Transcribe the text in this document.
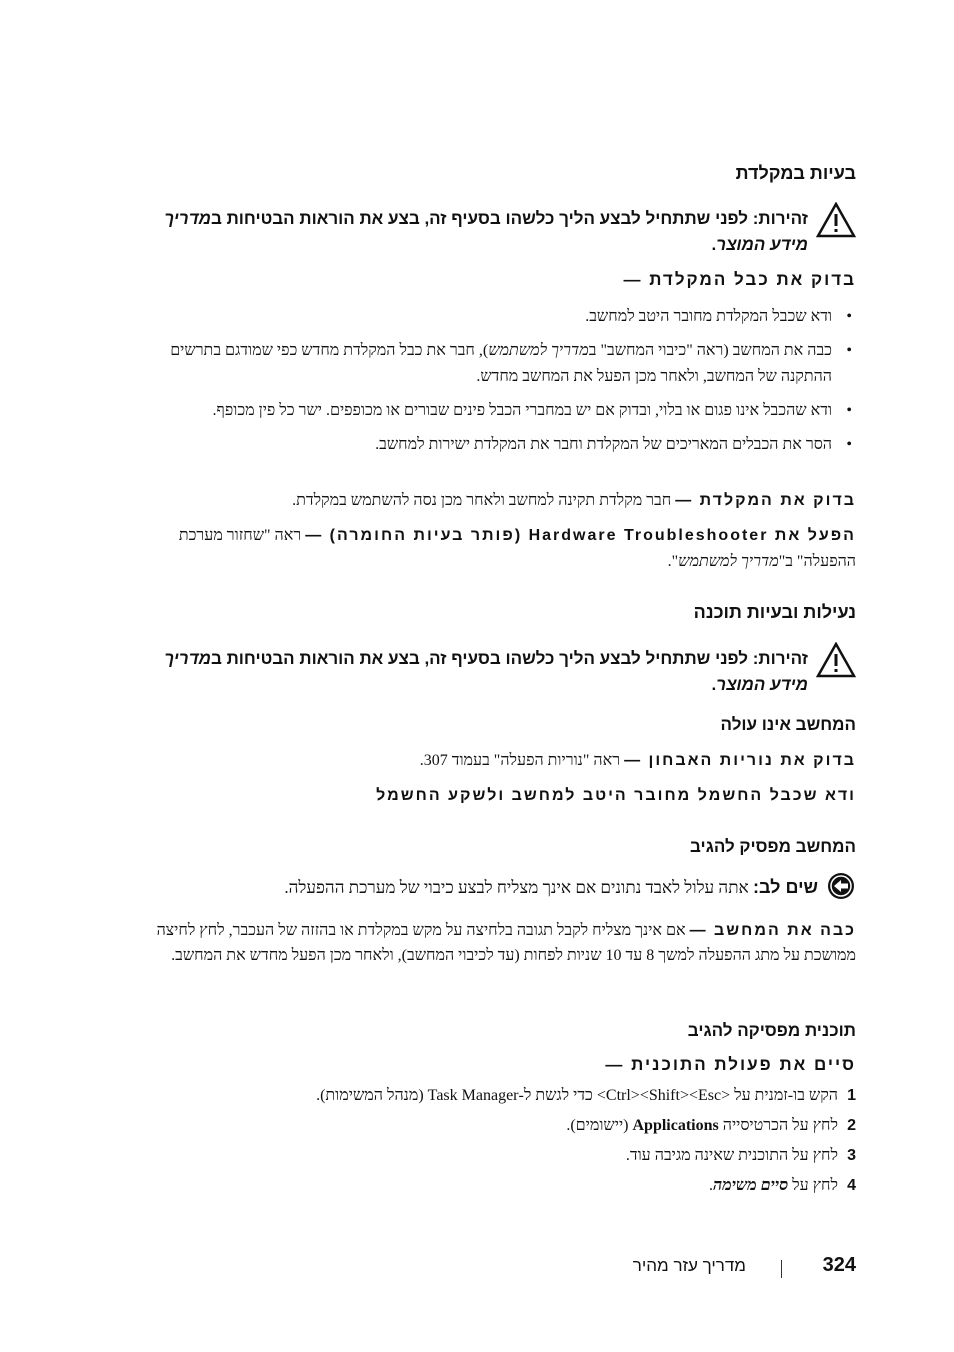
בעיות במקלדת
זהירות: לפני שתתחיל לבצע הליך כלשהו בסעיף זה, בצע את הוראות הבטיחות במדריך מידע המוצר.
בדוק את כבל המקלדת —
• ודא שכבל המקלדת מחובר היטב למחשב.
• כבה את המחשב (ראה "כיבוי המחשב" במדריך למשתמש), חבר את כבל המקלדת מחדש כפי שמודגם בתרשים ההתקנה של המחשב, ולאחר מכן הפעל את המחשב מחדש.
• ודא שהכבל אינו פגום או בלוי, ובדוק אם יש במחברי הכבל פינים שבורים או מכופפים. ישר כל פין מכופף.
• הסר את הכבלים המאריכים של המקלדת וחבר את המקלדת ישירות למחשב.
בדוק את המקלדת — חבר מקלדת תקינה למחשב ולאחר מכן נסה להשתמש במקלדת.
הפעל את Hardware Troubleshooter (פותר בעיות החומרה) — ראה "שחזור מערכת ההפעלה" ב"מדריך למשתמש".
נעילות ובעיות תוכנה
זהירות: לפני שתתחיל לבצע הליך כלשהו בסעיף זה, בצע את הוראות הבטיחות במדריך מידע המוצר.
המחשב אינו עולה
בדוק את נוריות האבחון — ראה "נוריות הפעלה" בעמוד 307.
ודא שכבל החשמל מחובר היטב למחשב ולשקע החשמל
המחשב מפסיק להגיב
שים לב: אתה עלול לאבד נתונים אם אינך מצליח לבצע כיבוי של מערכת ההפעלה.
כבה את המחשב — אם אינך מצליח לקבל תגובה בלחיצה על מקש במקלדת או בהזזה של העכבר, לחץ לחיצה ממושכת על מתג ההפעלה למשך 8 עד 10 שניות לפחות (עד לכיבוי המחשב), ולאחר מכן הפעל מחדש את המחשב.
תוכנית מפסיקה להגיב
סיים את פעולת התוכנית —
1
הקש בו-זמנית על <Ctrl><Shift><Esc> כדי לגשת ל-Task Manager (מנהל המשימות).
2
לחץ על הכרטיסייה Applications (יישומים).
3
לחץ על התוכנית שאינה מגיבה עוד.
4
לחץ על סיים משימה.
324
מדריך עזר מהיר
